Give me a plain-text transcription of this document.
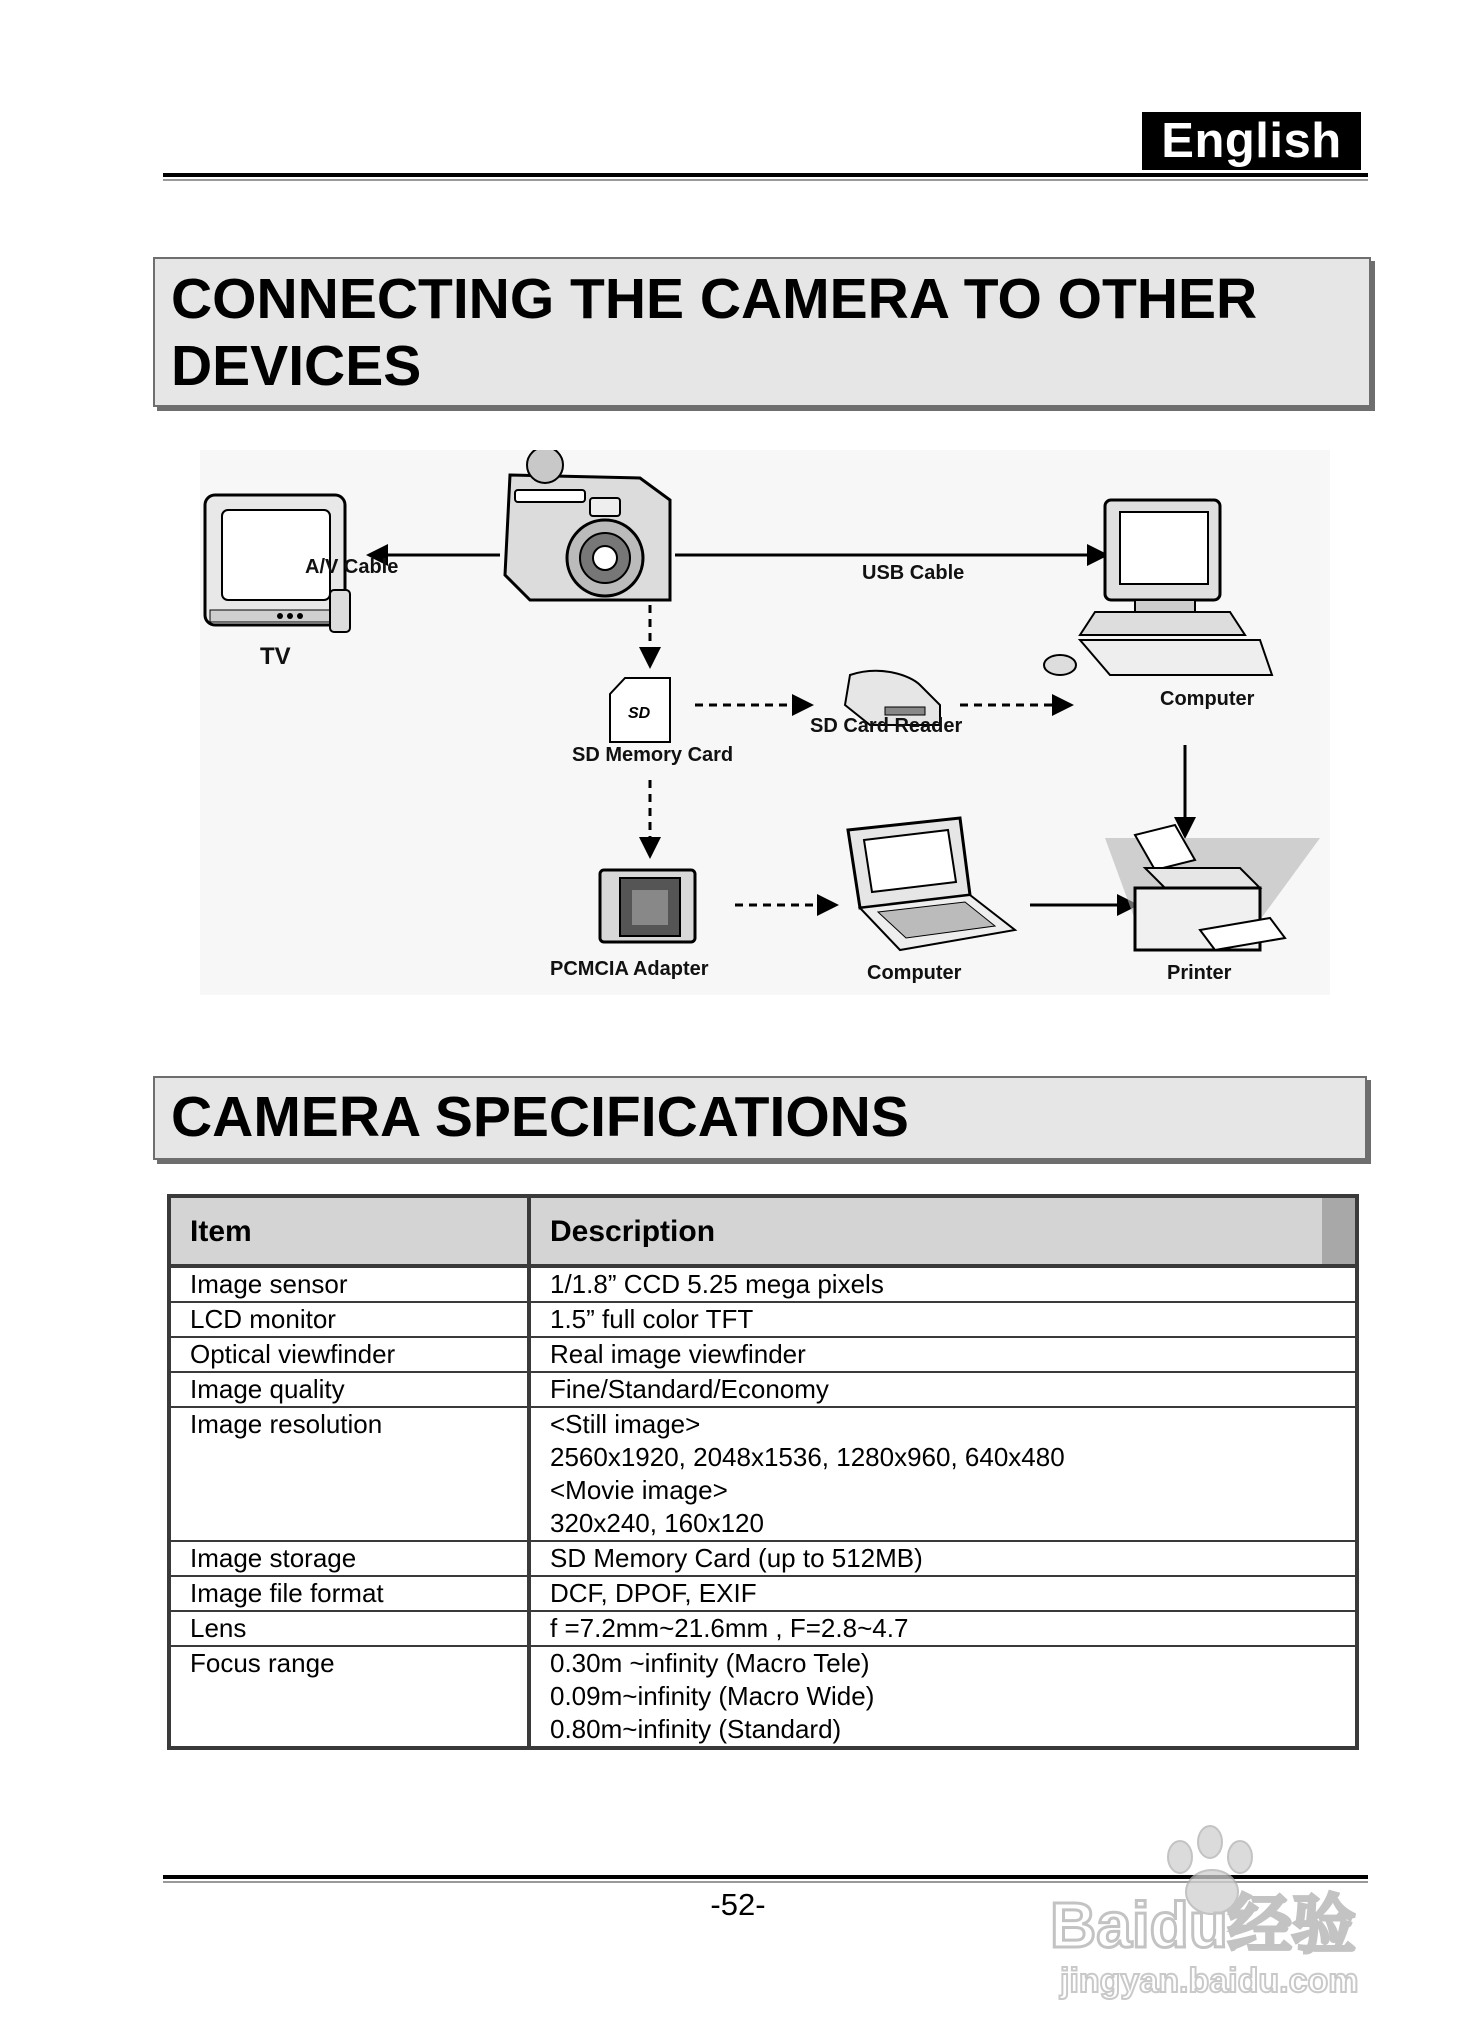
English
CONNECTING THE CAMERA TO OTHER
DEVICES
SD
A/V Cable	USB Cable
TV
SD Memory Card
SD Card Reader
Computer
PCMCIA Adapter	Computer	Printer
CAMERA SPECIFICATIONS
Item	Description
Image sensor	1/1.8” CCD 5.25 mega pixels
LCD monitor	1.5” full color TFT
Optical viewfinder	Real image viewfinder
Image quality	Fine/Standard/Economy
Image resolution	<Still image>
2560x1920, 2048x1536, 1280x960, 640x480
<Movie image>
320x240, 160x120
Image storage	SD Memory Card (up to 512MB)
Image file format	DCF, DPOF, EXIF
Lens	f =7.2mm~21.6mm , F=2.8~4.7
Focus range	0.30m ~infinity (Macro Tele)
0.09m~infinity (Macro Wide)
0.80m~infinity (Standard)
-52-	Baidu经验
jingyan.baidu.com
